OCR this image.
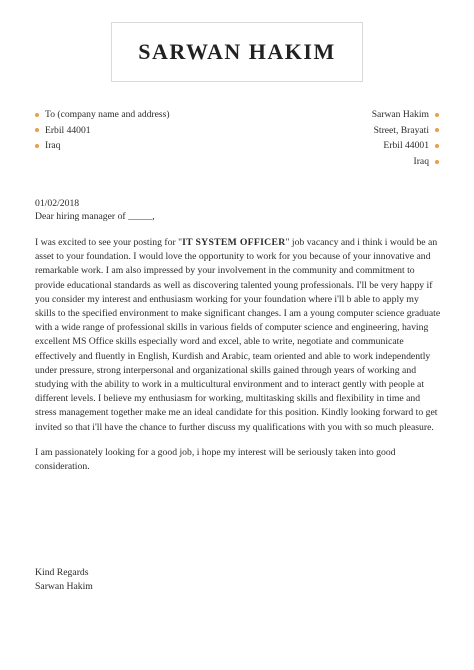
SARWAN HAKIM
To (company name and address)
Erbil 44001
Iraq
Sarwan Hakim
Street, Brayati
Erbil 44001
Iraq
01/02/2018
Dear hiring manager of _____,
I was excited to see your posting for "IT SYSTEM OFFICER" job vacancy and i think i would be an asset to your foundation. I would love the opportunity to work for you because of your innovative and remarkable work. I am also impressed by your involvement in the community and commitment to provide educational standards as well as discovering talented young professionals. I'll be very happy if you consider my interest and enthusiasm working for your foundation where i'll b able to apply my skills to the specified environment to make significant changes. I am a young computer science graduate with a wide range of professional skills in various fields of computer science and engineering, having excellent MS Office skills especially word and excel, able to write, negotiate and communicate effectively and fluently in English, Kurdish and Arabic, team oriented and able to work independently under pressure, strong interpersonal and organizational skills gained through years of working and studying with the ability to work in a multicultural environment and to interact gently with people at different levels. I believe my enthusiasm for working, multitasking skills and flexibility in time and stress management together make me an ideal candidate for this position. Kindly looking forward to get invited so that i'll have the chance to further discuss my qualifications with you with so much pleasure.
I am passionately looking for a good job, i hope my interest will be seriously taken into good consideration.
Kind Regards
Sarwan Hakim
